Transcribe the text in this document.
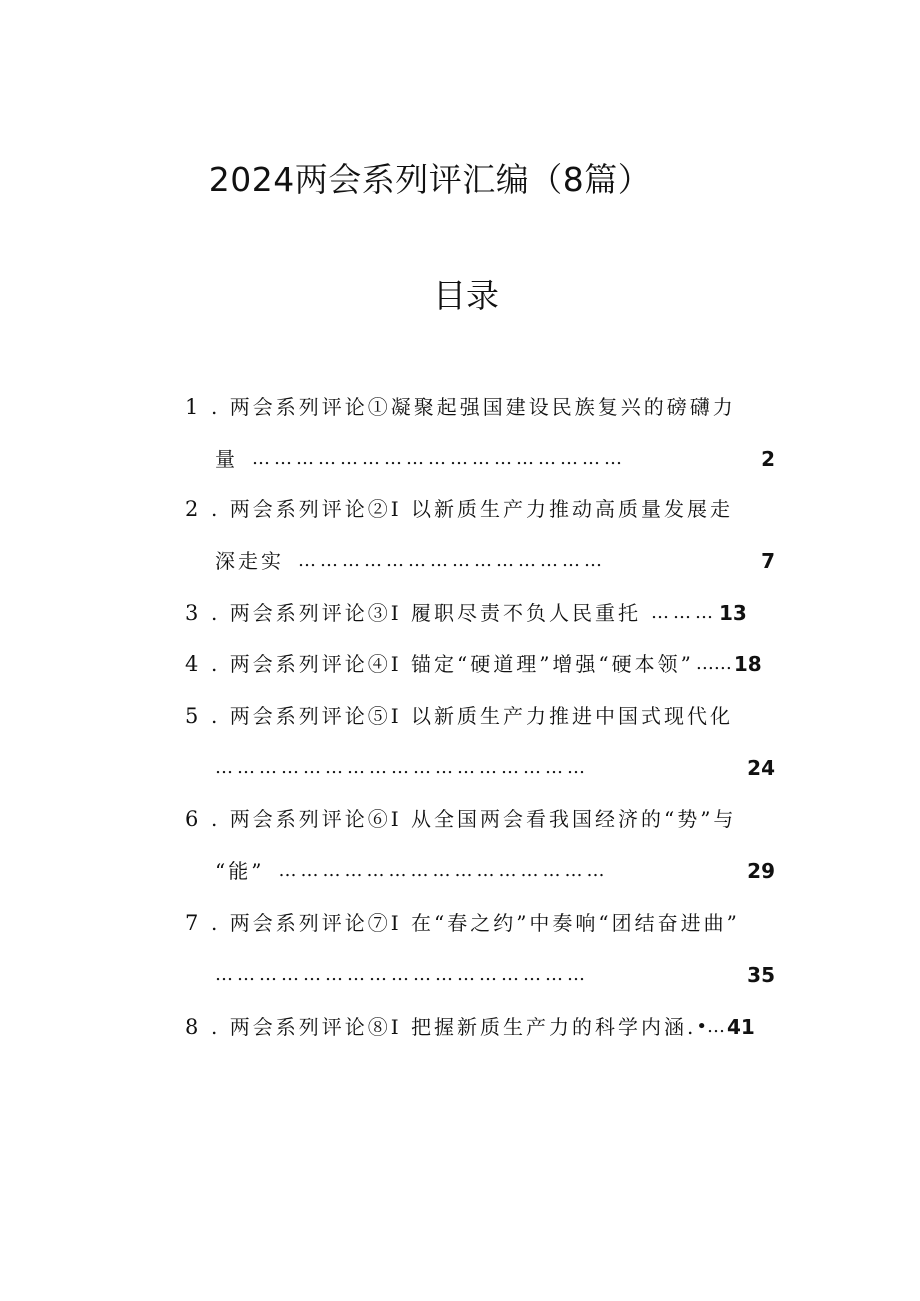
2024两会系列评汇编（8篇）
目录
1 . 两会系列评论①凝聚起强国建设民族复兴的磅礴力
量 ……………………………………………	2
2 . 两会系列评论②I 以新质生产力推动高质量发展走
深走实 ……………………………………	7
3 . 两会系列评论③I 履职尽责不负人民重托 ……… 13
4 . 两会系列评论④I 锚定“硬道理”增强“硬本领” …… 18
5 . 两会系列评论⑤I 以新质生产力推进中国式现代化
……………………………………………	24
6 . 两会系列评论⑥I 从全国两会看我国经济的“势”与
“能” ………………………………………	29
7 . 两会系列评论⑦I 在“春之约”中奏响“团结奋进曲”
……………………………………………	35
8 . 两会系列评论⑧I 把握新质生产力的科学内涵. •… 41
